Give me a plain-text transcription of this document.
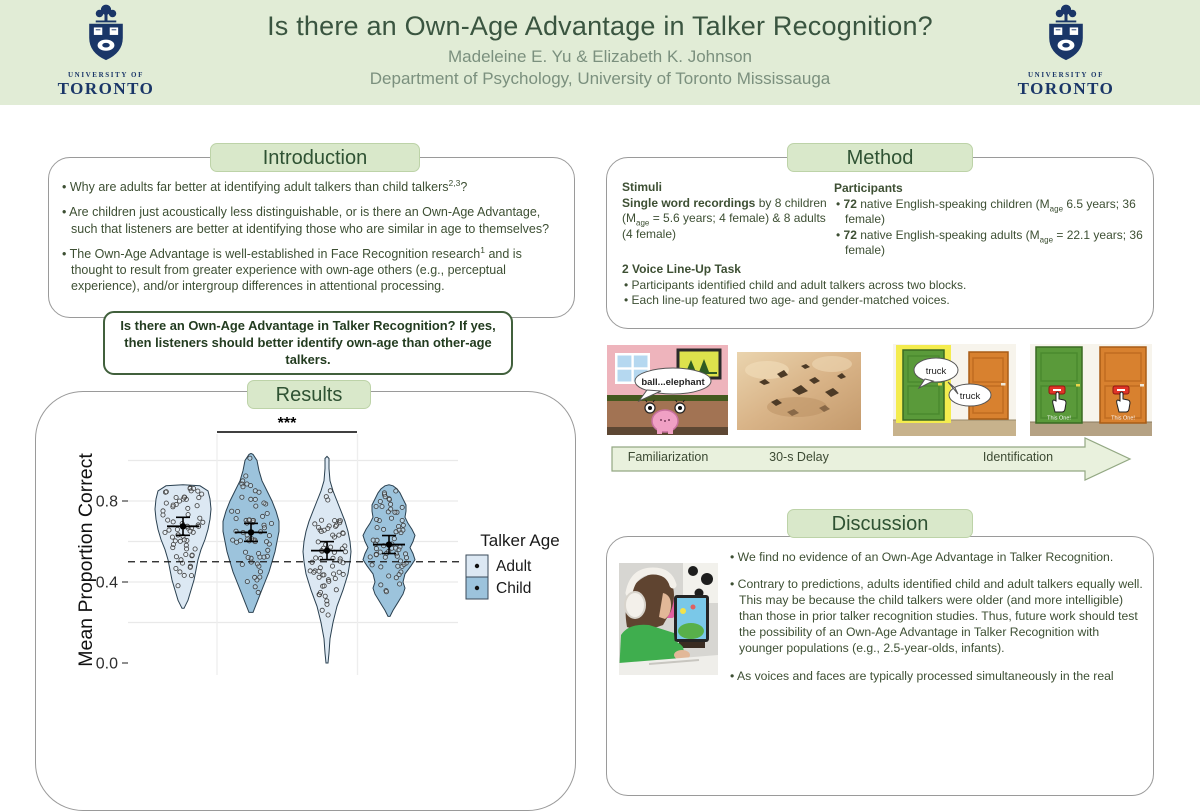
Is there an Own-Age Advantage in Talker Recognition?
Madeleine E. Yu & Elizabeth K. Johnson
Department of Psychology, University of Toronto Mississauga
UNIVERSITY OF
TORONTO
UNIVERSITY OF
TORONTO
Introduction	Method
Results
Discussion

• Why are adults far better at identifying adult talkers than child talkers$^{2,3}$?

• Are children just acoustically less distinguishable, or is there an Own-Age Advantage, such that listeners are better at identifying those who are similar in age to themselves?

• The Own-Age Advantage is well-established in Face Recognition research$^1$ and is thought to result from greater experience with own-age others (e.g., perceptual experience), and/or intergroup differences in attentional processing.

Is there an Own-Age Advantage in Talker Recognition? If yes, then listeners should better identify own-age than other-age talkers.
Stimuli
Single word recordings by 8 children ($M_{age} = 5.6$ years; 4 female) & 8 adults (4 female)
Participants
• 72 native English-speaking children ($M_{age}$ 6.5 years; 36 female)
• 72 native English-speaking adults ($M_{age} = 22.1$ years; 36 female)
2 Voice Line-Up Task
• Participants identified child and adult talkers across two blocks.
• Each line-up featured two age- and gender-matched voices.
ball...elephant
truck
truck
This One!	This One!
Familiarization	30-s Delay	Identification

• We find no evidence of an Own-Age Advantage in Talker Recognition.

• Contrary to predictions, adults identified child and adult talkers equally well. This may be because the child talkers were older (and more intelligible) than those in prior talker recognition studies. Thus, future work should test the possibility of an Own-Age Advantage in Talker Recognition with younger populations (e.g., 2.5-year-olds, infants).

• As voices and faces are typically processed simultaneously in the real

***
0.0
0.4
0.8
Mean Proportion Correct	Talker Age
Adult
Child
